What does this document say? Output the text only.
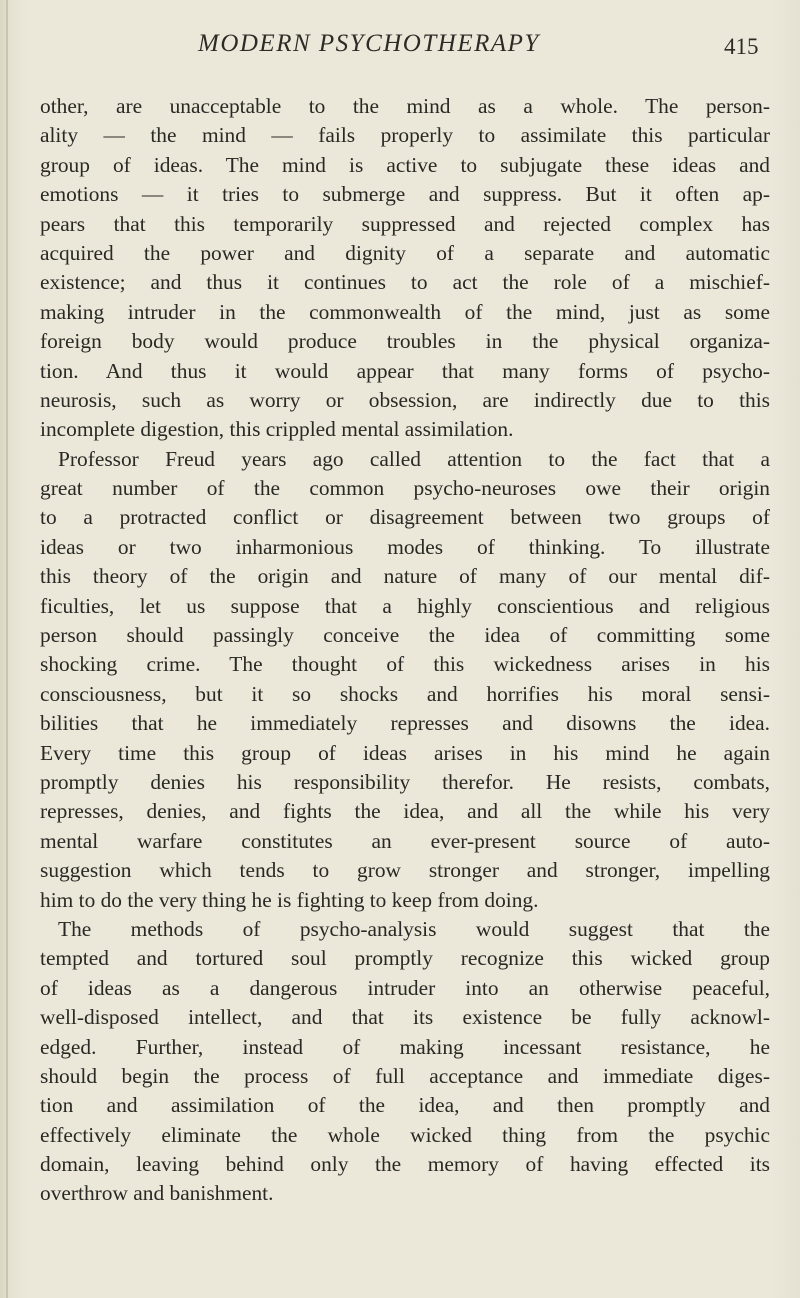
MODERN PSYCHOTHERAPY	415
other, are unacceptable to the mind as a whole. The person-
ality — the mind — fails properly to assimilate this particular
group of ideas. The mind is active to subjugate these ideas and
emotions — it tries to submerge and suppress. But it often ap-
pears that this temporarily suppressed and rejected complex has
acquired the power and dignity of a separate and automatic
existence; and thus it continues to act the role of a mischief-
making intruder in the commonwealth of the mind, just as some
foreign body would produce troubles in the physical organiza-
tion. And thus it would appear that many forms of psycho-
neurosis, such as worry or obsession, are indirectly due to this
incomplete digestion, this crippled mental assimilation.
Professor Freud years ago called attention to the fact that a
great number of the common psycho-neuroses owe their origin
to a protracted conflict or disagreement between two groups of
ideas or two inharmonious modes of thinking. To illustrate
this theory of the origin and nature of many of our mental dif-
ficulties, let us suppose that a highly conscientious and religious
person should passingly conceive the idea of committing some
shocking crime. The thought of this wickedness arises in his
consciousness, but it so shocks and horrifies his moral sensi-
bilities that he immediately represses and disowns the idea.
Every time this group of ideas arises in his mind he again
promptly denies his responsibility therefor. He resists, combats,
represses, denies, and fights the idea, and all the while his very
mental warfare constitutes an ever-present source of auto-
suggestion which tends to grow stronger and stronger, impelling
him to do the very thing he is fighting to keep from doing.
The methods of psycho-analysis would suggest that the
tempted and tortured soul promptly recognize this wicked group
of ideas as a dangerous intruder into an otherwise peaceful,
well-disposed intellect, and that its existence be fully acknowl-
edged. Further, instead of making incessant resistance, he
should begin the process of full acceptance and immediate diges-
tion and assimilation of the idea, and then promptly and
effectively eliminate the whole wicked thing from the psychic
domain, leaving behind only the memory of having effected its
overthrow and banishment.
